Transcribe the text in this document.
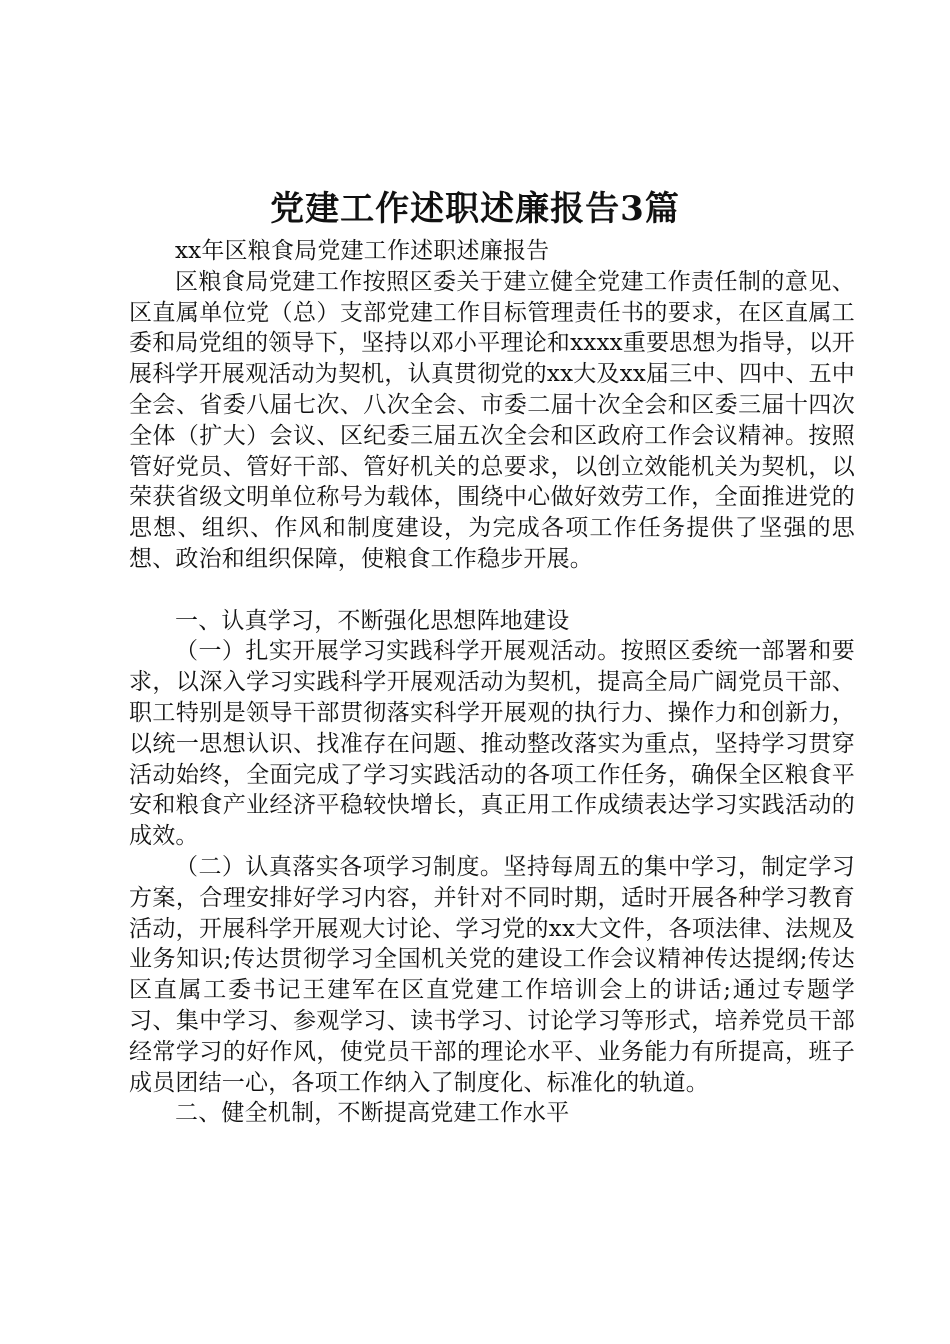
党建工作述职述廉报告3篇

xx年区粮食局党建工作述职述廉报告

区粮食局党建工作按照区委关于建立健全党建工作责任制的意见、区直属单位党（总）支部党建工作目标管理责任书的要求，在区直属工委和局党组的领导下，坚持以邓小平理论和xxxx重要思想为指导，以开展科学开展观活动为契机，认真贯彻党的xx大及xx届三中、四中、五中全会、省委八届七次、八次全会、市委二届十次全会和区委三届十四次全体（扩大）会议、区纪委三届五次全会和区政府工作会议精神。按照管好党员、管好干部、管好机关的总要求，以创立效能机关为契机，以荣获省级文明单位称号为载体，围绕中心做好效劳工作，全面推进党的思想、组织、作风和制度建设，为完成各项工作任务提供了坚强的思想、政治和组织保障，使粮食工作稳步开展。

一、认真学习，不断强化思想阵地建设

（一）扎实开展学习实践科学开展观活动。按照区委统一部署和要求，以深入学习实践科学开展观活动为契机，提高全局广阔党员干部、职工特别是领导干部贯彻落实科学开展观的执行力、操作力和创新力，以统一思想认识、找准存在问题、推动整改落实为重点，坚持学习贯穿活动始终，全面完成了学习实践活动的各项工作任务，确保全区粮食平安和粮食产业经济平稳较快增长，真正用工作成绩表达学习实践活动的成效。

（二）认真落实各项学习制度。坚持每周五的集中学习，制定学习方案，合理安排好学习内容，并针对不同时期，适时开展各种学习教育活动，开展科学开展观大讨论、学习党的xx大文件，各项法律、法规及业务知识;传达贯彻学习全国机关党的建设工作会议精神传达提纲;传达区直属工委书记王建军在区直党建工作培训会上的讲话;通过专题学习、集中学习、参观学习、读书学习、讨论学习等形式，培养党员干部经常学习的好作风，使党员干部的理论水平、业务能力有所提高，班子成员团结一心，各项工作纳入了制度化、标准化的轨道。

二、健全机制，不断提高党建工作水平
